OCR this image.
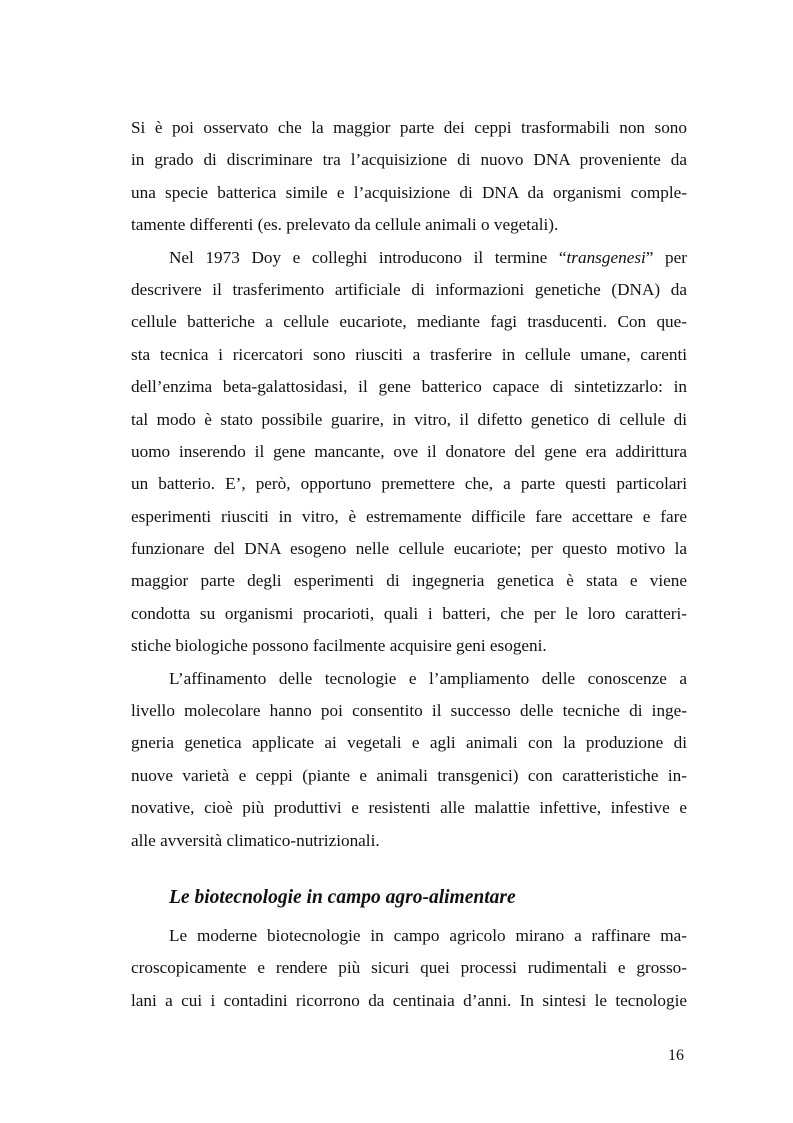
Si è poi osservato che la maggior parte dei ceppi trasformabili non sono
in grado di discriminare tra l’acquisizione di nuovo DNA proveniente da
una specie batterica simile e l’acquisizione di DNA da organismi comple-
tamente differenti (es. prelevato da cellule animali o vegetali).
Nel 1973 Doy e colleghi introducono il termine “transgenesi” per
descrivere il trasferimento artificiale di informazioni genetiche (DNA) da
cellule batteriche a cellule eucariote, mediante fagi trasducenti. Con que-
sta tecnica i ricercatori sono riusciti a trasferire in cellule umane, carenti
dell’enzima beta-galattosidasi, il gene batterico capace di sintetizzarlo: in
tal modo è stato possibile guarire, in vitro, il difetto genetico di cellule di
uomo inserendo il gene mancante, ove il donatore del gene era addirittura
un batterio. E’, però, opportuno premettere che, a parte questi particolari
esperimenti riusciti in vitro, è estremamente difficile fare accettare e fare
funzionare del DNA esogeno nelle cellule eucariote; per questo motivo la
maggior parte degli esperimenti di ingegneria genetica è stata e viene
condotta su organismi procarioti, quali i batteri, che per le loro caratteri-
stiche biologiche possono facilmente acquisire geni esogeni.
L’affinamento delle tecnologie e l’ampliamento delle conoscenze a
livello molecolare hanno poi consentito il successo delle tecniche di inge-
gneria genetica applicate ai vegetali e agli animali con la produzione di
nuove varietà e ceppi (piante e animali transgenici) con caratteristiche in-
novative, cioè più produttivi e resistenti alle malattie infettive, infestive e
alle avversità climatico-nutrizionali.
Le biotecnologie in campo agro-alimentare
Le moderne biotecnologie in campo agricolo mirano a raffinare ma-
croscopicamente e rendere più sicuri quei processi rudimentali e grosso-
lani a cui i contadini ricorrono da centinaia d’anni. In sintesi le tecnologie
16
